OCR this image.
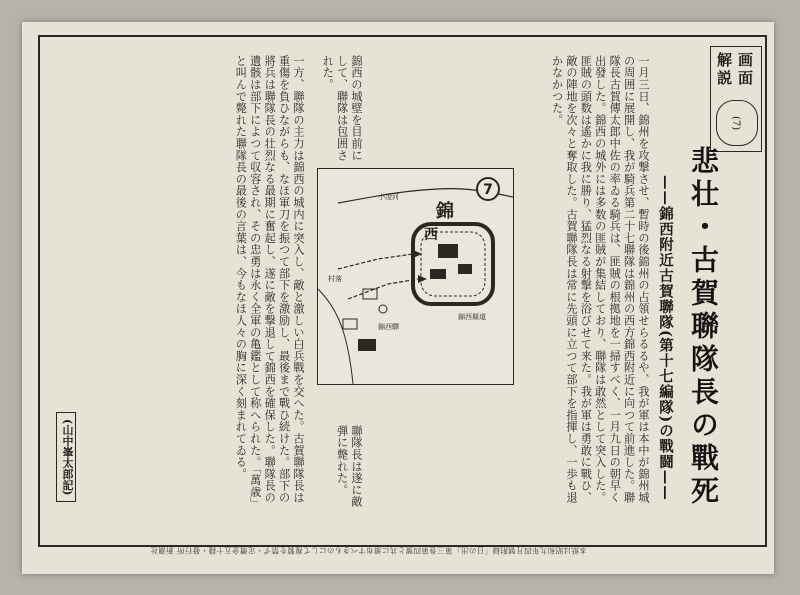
画面
解説
(7)
悲壮・古賀聯隊長の戰死
——錦西附近古賀聯隊(第十七編隊)の戰闘——
一月三日、錦州を攻撃させ、暫時の後錦州の占領せらるるや、我が軍は本中が錦州城の周囲に展開し、我が騎兵第二十七聯隊は錦州の西方錦西附近に向つて前進した。聯隊長古賀傳太郎中佐の率ゐる騎兵は、匪賊の根拠地を一掃すべく、一月九日の朝早く出發した。錦西の城外には多数の匪賊が集結しており、聯隊は敢然として突入した。匪賊の頭数は遙かに我に勝り、猛烈なる射撃を浴びせて来た。我が軍は勇敢に戰ひ、敵の陣地を次々と奪取した。古賀聯隊長は常に先頭に立つて部下を指揮し、一歩も退かなかつた。
錦西の城壁を目前にして、聯隊は包囲された。
聯隊長は遂に敵弾に斃れた。
一方、聯隊の主力は錦西の城内に突入し、敵と激しい白兵戰を交へた。古賀聯隊長は重傷を負ひながらも、なほ軍刀を振つて部下を激励し、最後まで戰ひ続けた。部下の將兵は聯隊長の壮烈なる最期に奮起し、遂に敵を撃退して錦西を確保した。聯隊長の遺骸は部下によつて収容され、その忠勇は永く全軍の亀鑑として称へられた。「萬歳」と叫んで斃れた聯隊長の最後の言葉は、今もなほ人々の胸に深く刻まれてゐる。
(山中峯太郎記)
7
錦
西
小凌河
錦西縣道
錦西驛
村落
本紙は昭和九年四月號附録「日の出」第三巻第四號と共に頒布すべきものにして複製を禁ず・定價金五十錢・發行所 新潮社
